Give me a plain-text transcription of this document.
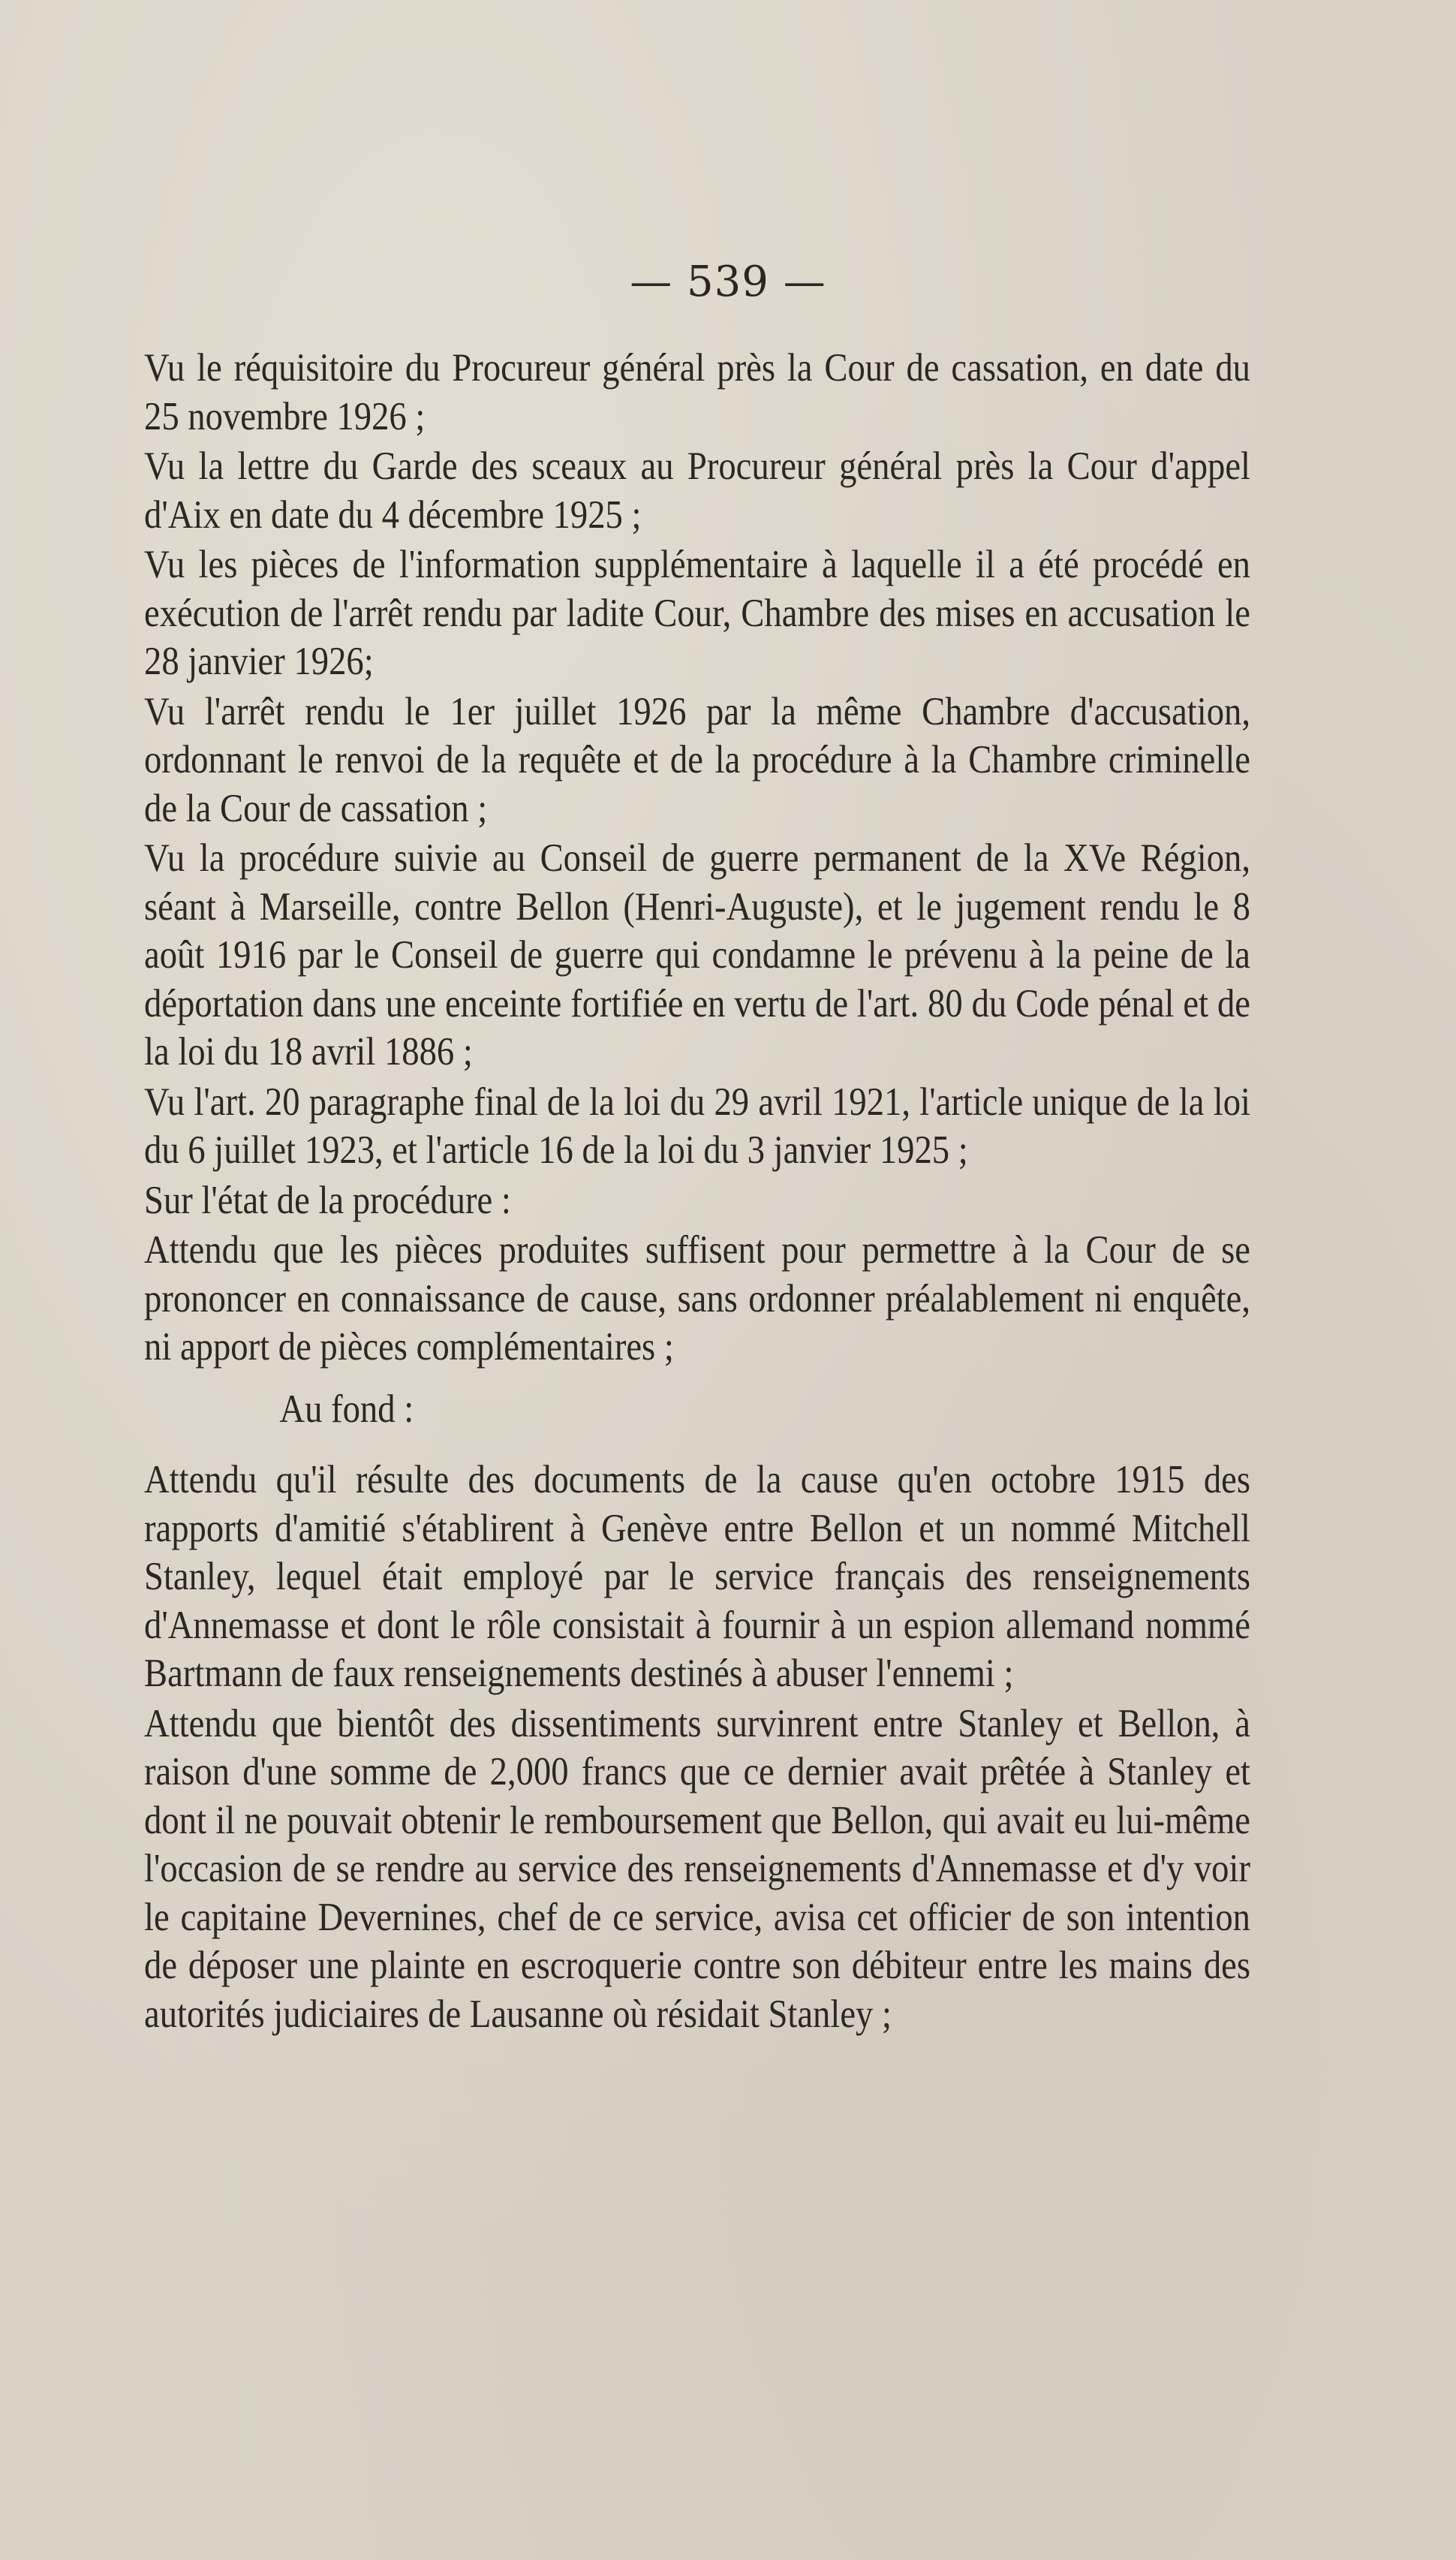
— 539 —

Vu le réquisitoire du Procureur général près la Cour de cassation, en date du 25 novembre 1926 ;

Vu la lettre du Garde des sceaux au Procureur général près la Cour d'appel d'Aix en date du 4 décembre 1925 ;

Vu les pièces de l'information supplémentaire à laquelle il a été procédé en exécution de l'arrêt rendu par ladite Cour, Chambre des mises en accusation le 28 janvier 1926;

Vu l'arrêt rendu le 1er juillet 1926 par la même Chambre d'accusation, ordonnant le renvoi de la requête et de la procédure à la Chambre criminelle de la Cour de cassation ;

Vu la procédure suivie au Conseil de guerre permanent de la XVe Région, séant à Marseille, contre Bellon (Henri-Auguste), et le jugement rendu le 8 août 1916 par le Conseil de guerre qui condamne le prévenu à la peine de la déportation dans une enceinte fortifiée en vertu de l'art. 80 du Code pénal et de la loi du 18 avril 1886 ;

Vu l'art. 20 paragraphe final de la loi du 29 avril 1921, l'article unique de la loi du 6 juillet 1923, et l'article 16 de la loi du 3 janvier 1925 ;

Sur l'état de la procédure :

Attendu que les pièces produites suffisent pour permettre à la Cour de se prononcer en connaissance de cause, sans ordonner préalablement ni enquête, ni apport de pièces complémentaires ;

Au fond :

Attendu qu'il résulte des documents de la cause qu'en octobre 1915 des rapports d'amitié s'établirent à Genève entre Bellon et un nommé Mitchell Stanley, lequel était employé par le service français des renseignements d'Annemasse et dont le rôle consistait à fournir à un espion allemand nommé Bartmann de faux renseignements destinés à abuser l'ennemi ;

Attendu que bientôt des dissentiments survinrent entre Stanley et Bellon, à raison d'une somme de 2,000 francs que ce dernier avait prêtée à Stanley et dont il ne pouvait obtenir le remboursement que Bellon, qui avait eu lui-même l'occasion de se rendre au service des renseignements d'Annemasse et d'y voir le capitaine Devernines, chef de ce service, avisa cet officier de son intention de déposer une plainte en escroquerie contre son débiteur entre les mains des autorités judiciaires de Lausanne où résidait Stanley ;
